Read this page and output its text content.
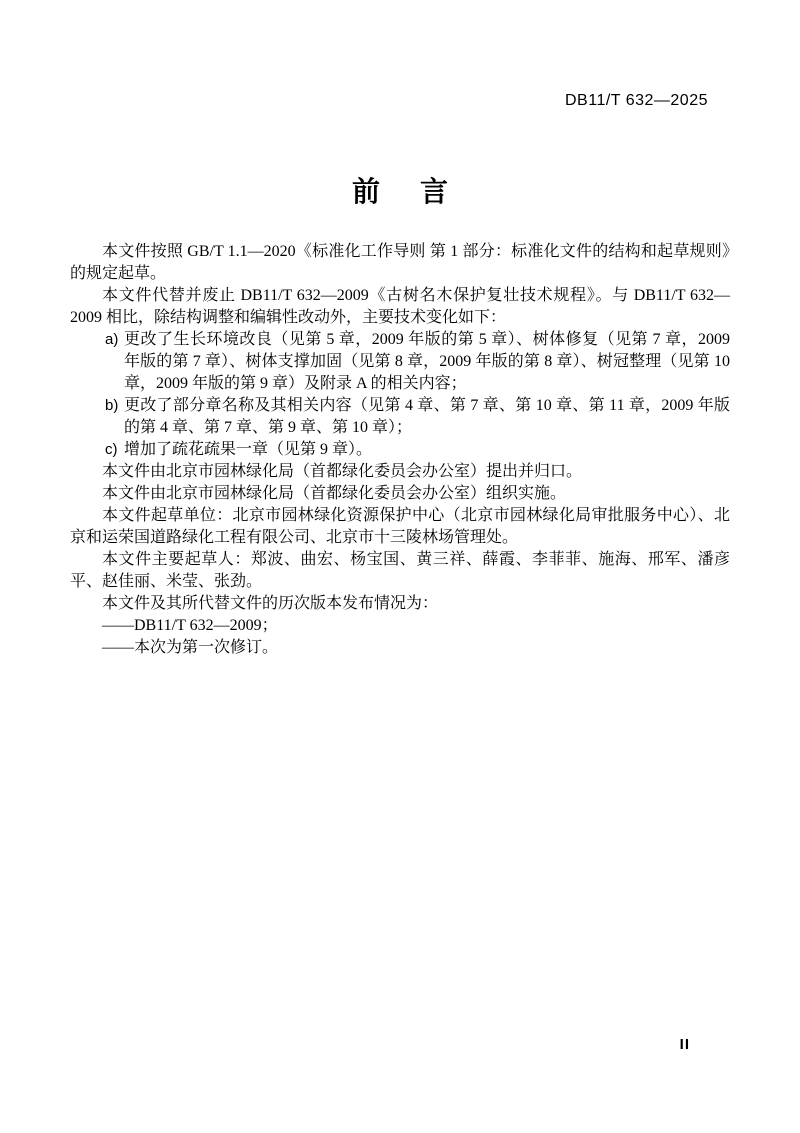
DB11/T 632—2025
前 言

本文件按照 GB/T 1.1—2020《标准化工作导则 第 1 部分：标准化文件的结构和起草规则》的规定起草。

本文件代替并废止 DB11/T 632—2009《古树名木保护复壮技术规程》。与 DB11/T 632—2009 相比，除结构调整和编辑性改动外，主要技术变化如下：

a) 更改了生长环境改良（见第 5 章，2009 年版的第 5 章）、树体修复（见第 7 章，2009 年版的第 7 章）、树体支撑加固（见第 8 章，2009 年版的第 8 章）、树冠整理（见第 10 章，2009 年版的第 9 章）及附录 A 的相关内容；
b) 更改了部分章名称及其相关内容（见第 4 章、第 7 章、第 10 章、第 11 章，2009 年版的第 4 章、第 7 章、第 9 章、第 10 章）；
c) 增加了疏花疏果一章（见第 9 章）。

本文件由北京市园林绿化局（首都绿化委员会办公室）提出并归口。

本文件由北京市园林绿化局（首都绿化委员会办公室）组织实施。

本文件起草单位：北京市园林绿化资源保护中心（北京市园林绿化局审批服务中心）、北京和运荣国道路绿化工程有限公司、北京市十三陵林场管理处。

本文件主要起草人：郑波、曲宏、杨宝国、黄三祥、薛霞、李菲菲、施海、邢军、潘彦平、赵佳丽、米莹、张劲。

本文件及其所代替文件的历次版本发布情况为：

——DB11/T 632—2009；

——本次为第一次修订。

II
